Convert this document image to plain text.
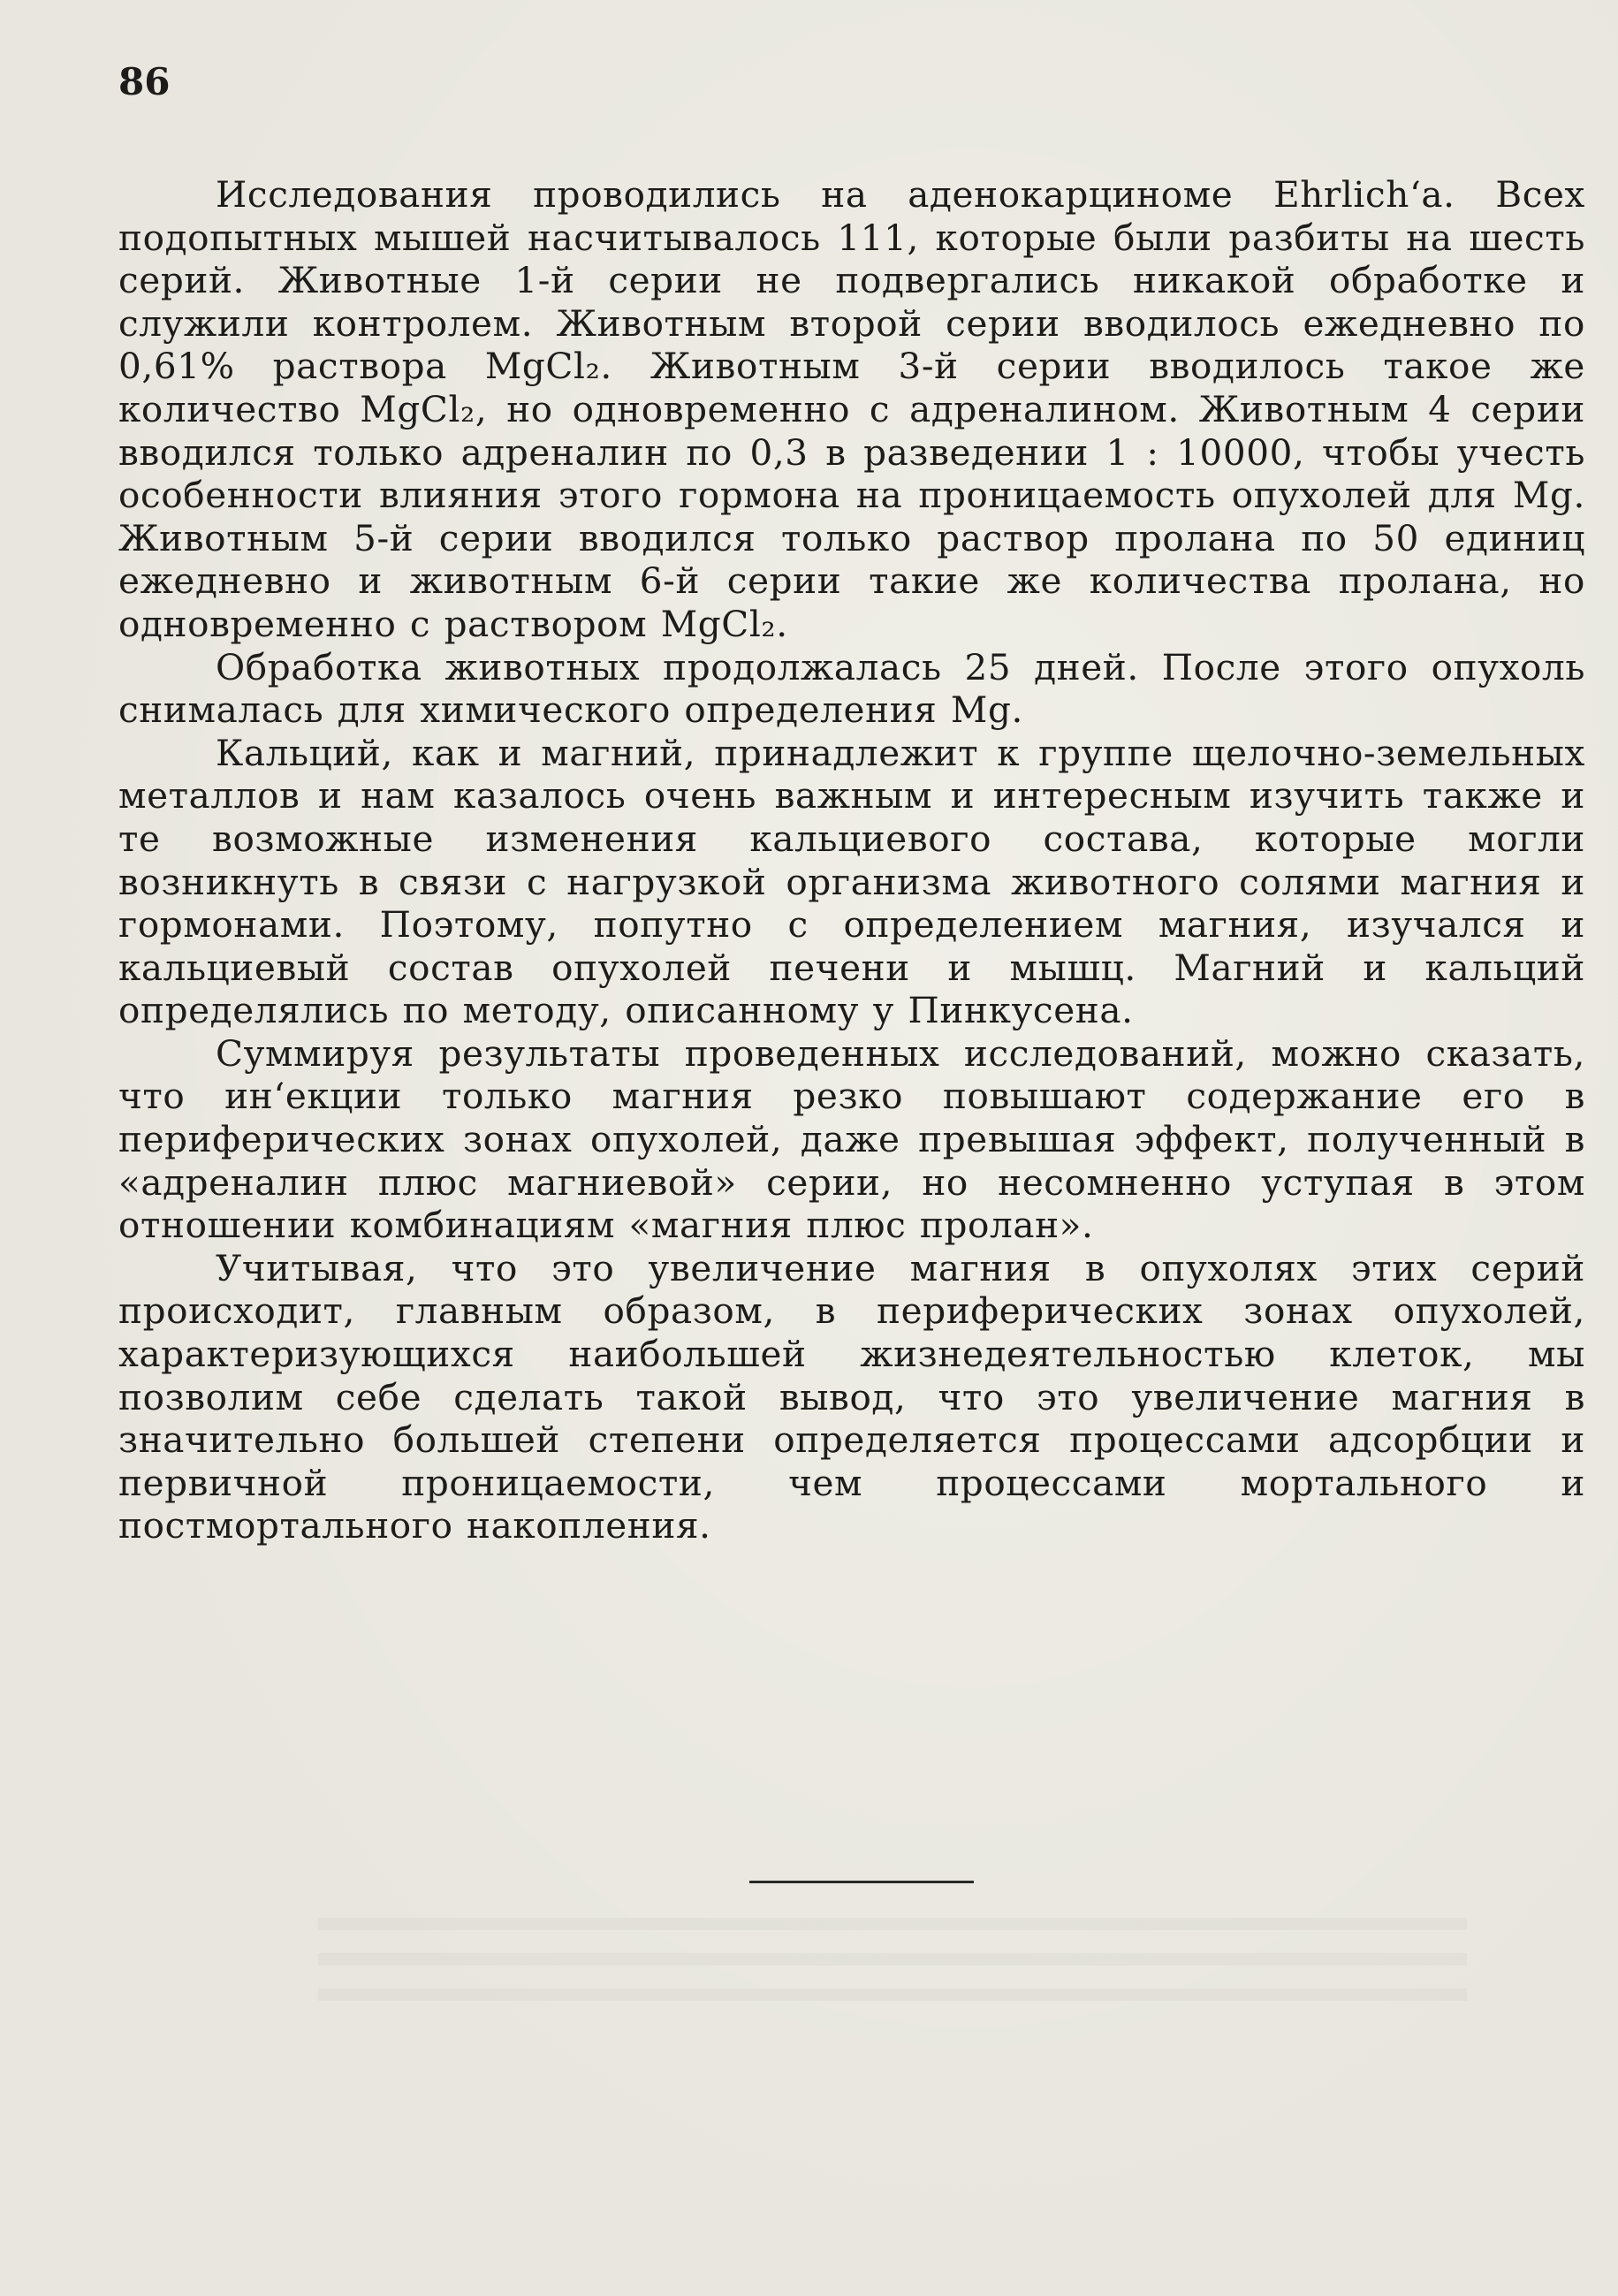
86

Исследования проводились на аденокарциноме Ehrlich‘a. Всех подопытных мышей насчитывалось 111, которые были разбиты на шесть серий. Животные 1-й серии не подвергались никакой обработке и служили контролем. Животным второй серии вводилось ежедневно по 0,61% раствора MgCl₂. Животным 3-й серии вводилось такое же количество MgCl₂, но одновременно с адреналином. Животным 4 серии вводился только адреналин по 0,3 в разведении 1 : 10000, чтобы учесть особенности влияния этого гормона на проницаемость опухолей для Mg. Животным 5-й серии вводился только раствор пролана по 50 единиц ежедневно и животным 6-й серии такие же количества пролана, но одновременно с раствором MgCl₂.

Обработка животных продолжалась 25 дней. После этого опухоль снималась для химического определения Mg.

Кальций, как и магний, принадлежит к группе щелочно-земельных металлов и нам казалось очень важным и интересным изучить также и те возможные изменения кальциевого состава, которые могли возникнуть в связи с нагрузкой организма животного солями магния и гормонами. Поэтому, попутно с определением магния, изучался и кальциевый состав опухолей печени и мышц. Магний и кальций определялись по методу, описанному у Пинкусена.

Суммируя результаты проведенных исследований, можно сказать, что ин‘екции только магния резко повышают содержание его в периферических зонах опухолей, даже превышая эффект, полученный в «адреналин плюс магниевой» серии, но несомненно уступая в этом отношении комбинациям «магния плюс пролан».

Учитывая, что это увеличение магния в опухолях этих серий происходит, главным образом, в периферических зонах опухолей, характеризующихся наибольшей жизнедеятельностью клеток, мы позволим себе сделать такой вывод, что это увеличение магния в значительно большей степени определяется процессами адсорбции и первичной проницаемости, чем процессами мортального и постмортального накопления.
